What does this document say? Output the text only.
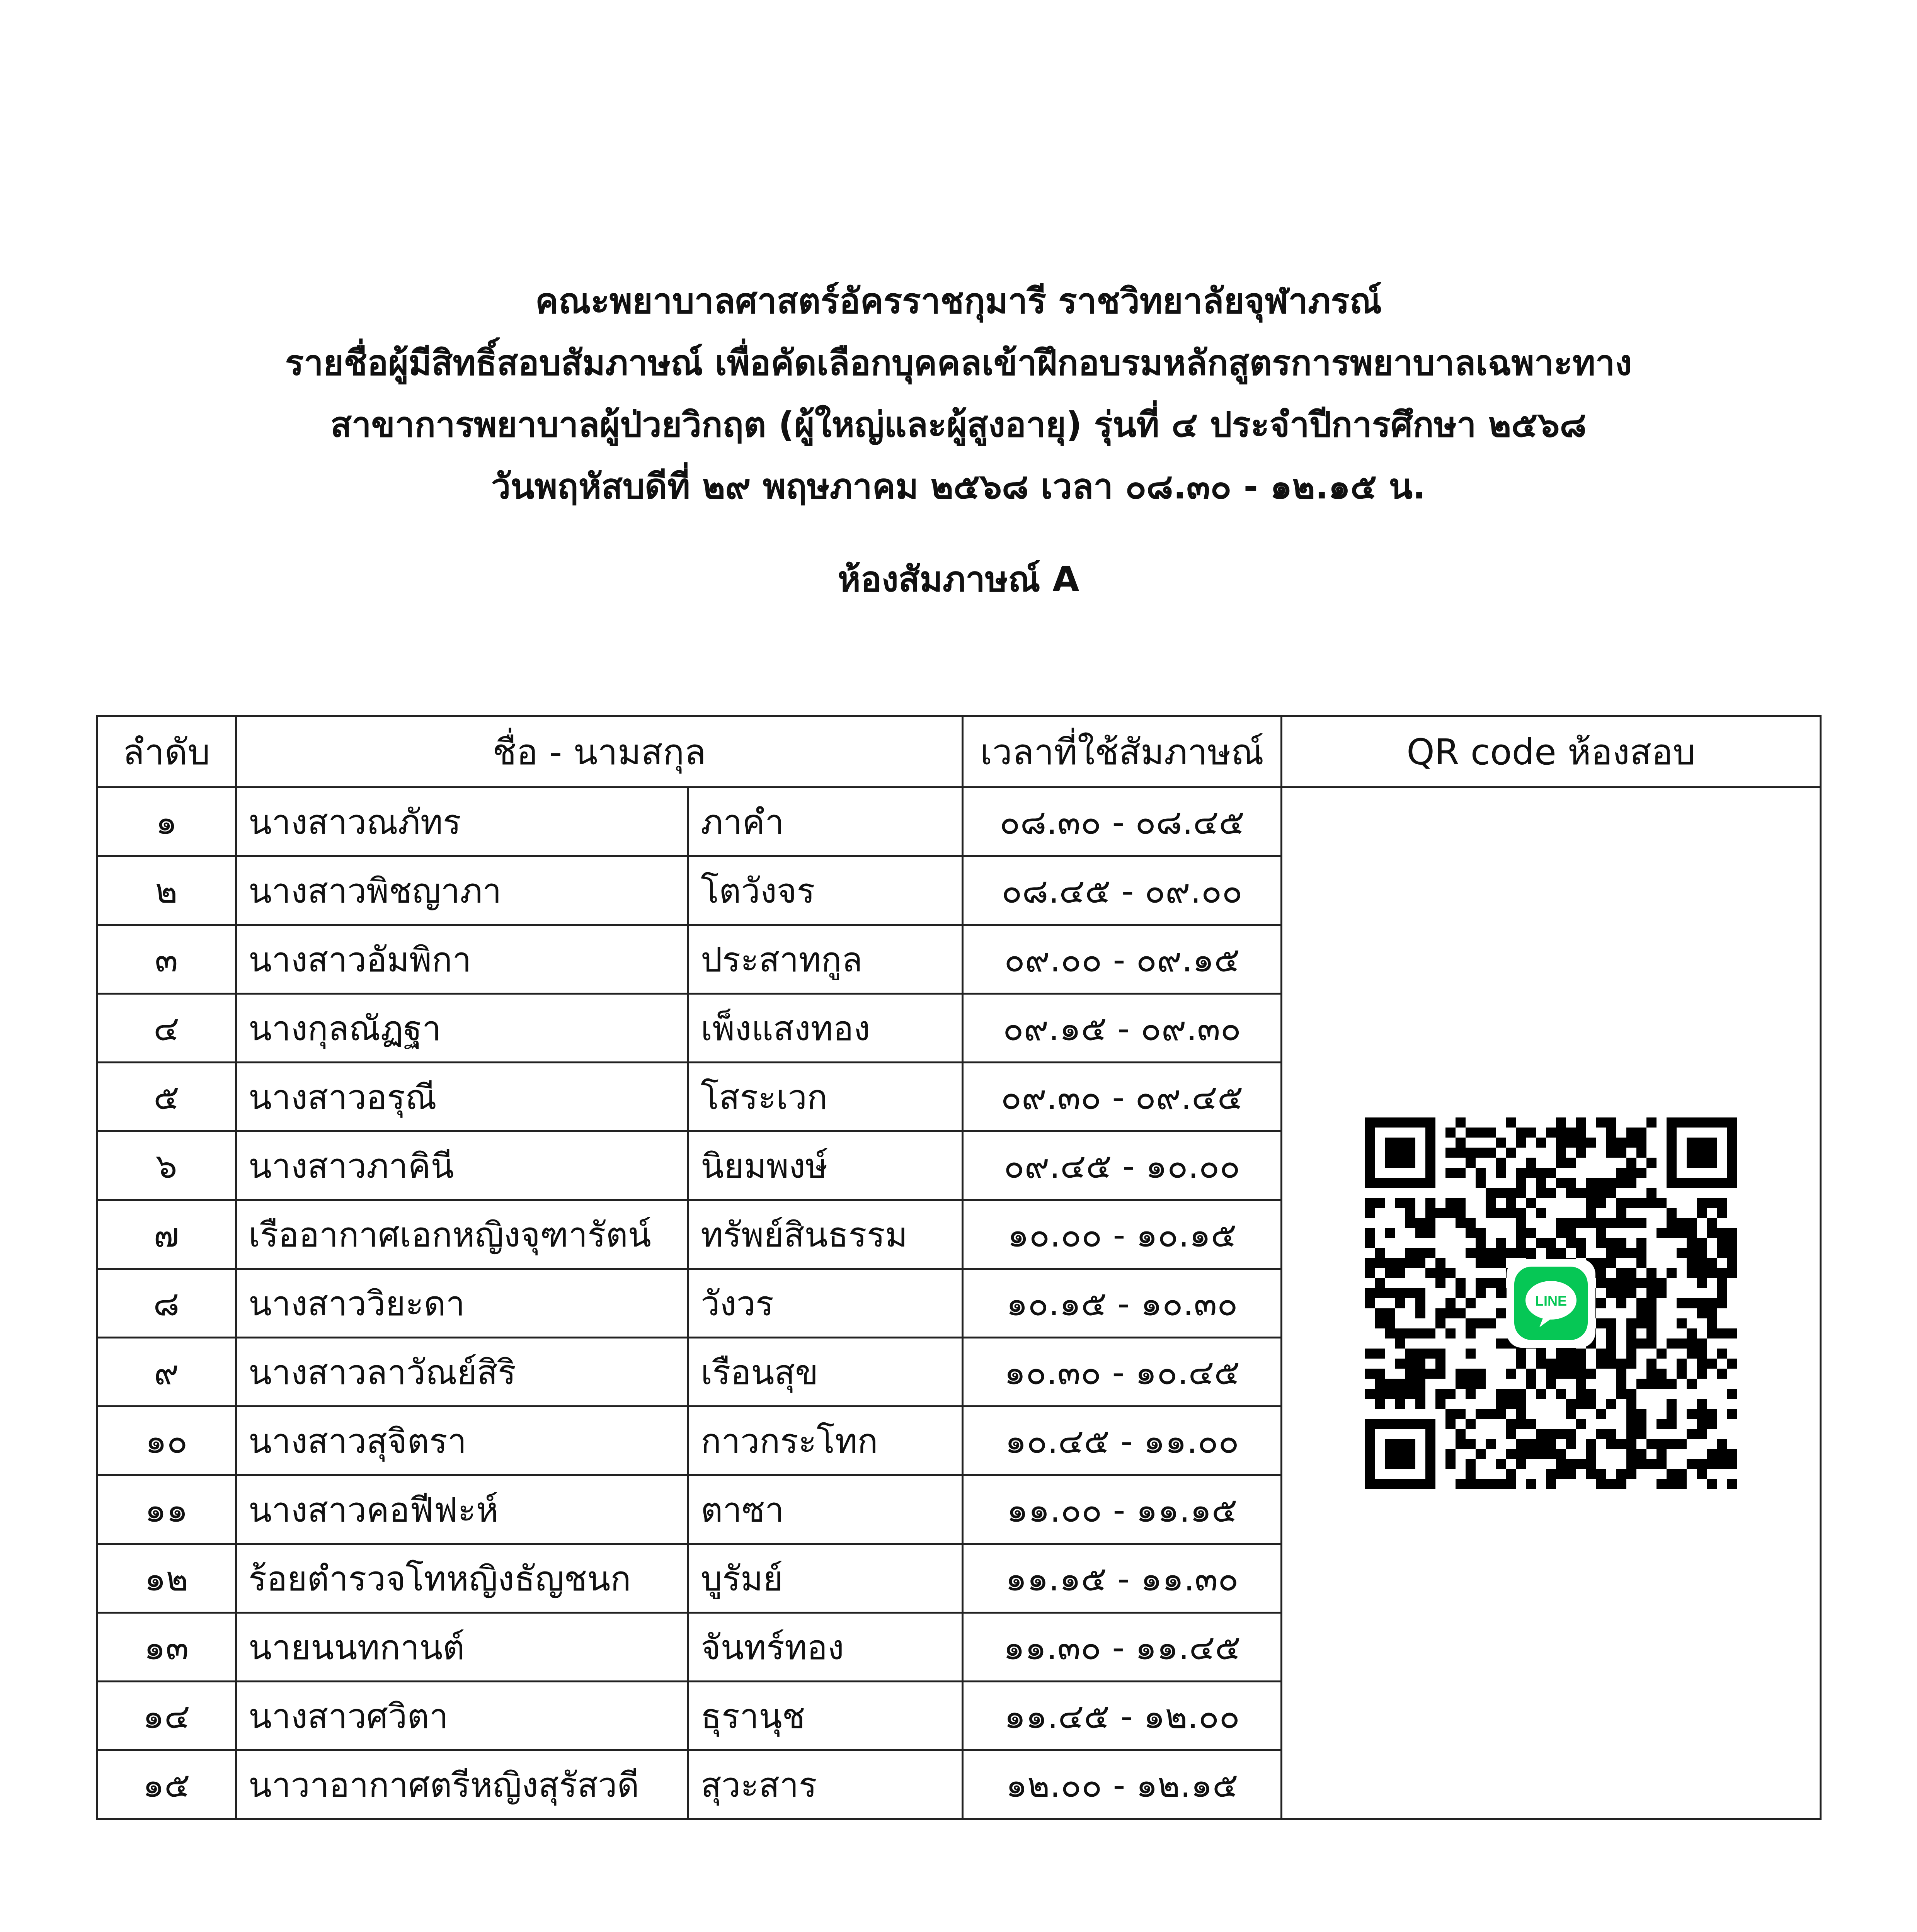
คณะพยาบาลศาสตร์อัครราชกุมารี ราชวิทยาลัยจุฬาภรณ์
รายชื่อผู้มีสิทธิ์สอบสัมภาษณ์ เพื่อคัดเลือกบุคคลเข้าฝึกอบรมหลักสูตรการพยาบาลเฉพาะทาง
สาขาการพยาบาลผู้ป่วยวิกฤต (ผู้ใหญ่และผู้สูงอายุ) รุ่นที่ ๔ ประจำปีการศึกษา ๒๕๖๘
วันพฤหัสบดีที่ ๒๙ พฤษภาคม ๒๕๖๘ เวลา ๐๘.๓๐ - ๑๒.๑๕ น.
ห้องสัมภาษณ์ A
ลำดับ	ชื่อ - นามสกุล		เวลาที่ใช้สัมภาษณ์	QR code ห้องสอบ
๑	นางสาวณภัทร	ภาคำ	๐๘.๓๐ - ๐๘.๔๕	LINE

๒	นางสาวพิชญาภา	โตวังจร	๐๘.๔๕ - ๐๙.๐๐	
๓	นางสาวอัมพิกา	ประสาทกูล	๐๙.๐๐ - ๐๙.๑๕	
๔	นางกุลณัฏฐา	เพ็งแสงทอง	๐๙.๑๕ - ๐๙.๓๐	
๕	นางสาวอรุณี	โสระเวก	๐๙.๓๐ - ๐๙.๔๕	
๖	นางสาวภาคินี	นิยมพงษ์	๐๙.๔๕ - ๑๐.๐๐	
๗	เรืออากาศเอกหญิงจุฑารัตน์	ทรัพย์สินธรรม	๑๐.๐๐ - ๑๐.๑๕	
๘	นางสาววิยะดา	วังวร	๑๐.๑๕ - ๑๐.๓๐	
๙	นางสาวลาวัณย์สิริ	เรือนสุข	๑๐.๓๐ - ๑๐.๔๕	
๑๐	นางสาวสุจิตรา	กาวกระโทก	๑๐.๔๕ - ๑๑.๐๐	
๑๑	นางสาวคอฟีฟะห์	ตาซา	๑๑.๐๐ - ๑๑.๑๕	
๑๒	ร้อยตำรวจโทหญิงธัญชนก	บูรัมย์	๑๑.๑๕ - ๑๑.๓๐	
๑๓	นายนนทกานต์	จันทร์ทอง	๑๑.๓๐ - ๑๑.๔๕	
๑๔	นางสาวศวิตา	ธุรานุช	๑๑.๔๕ - ๑๒.๐๐	
๑๕	นาวาอากาศตรีหญิงสุรัสวดี	สุวะสาร	๑๒.๐๐ - ๑๒.๑๕	
